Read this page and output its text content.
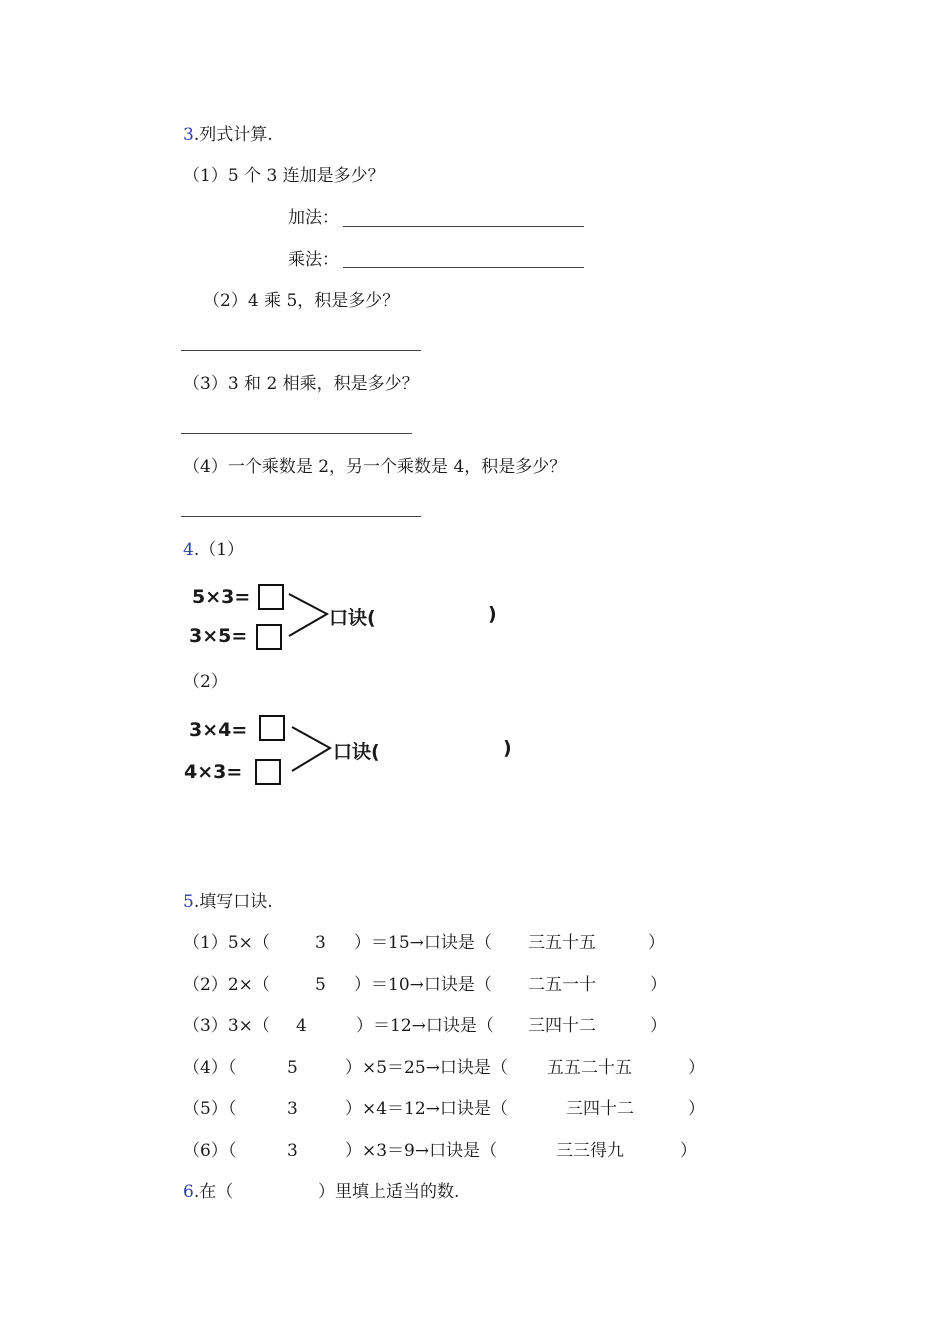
3.列式计算.
（1）5 个 3 连加是多少？
加法：
乘法：
（2）4 乘 5，积是多少？
（3）3 和 2 相乘，积是多少？
（4）一个乘数是 2，另一个乘数是 4，积是多少？
4.（1）
5×3=
3×5=
口诀(	)
（2）
3×4=
4×3=
口诀(	)
5.填写口诀.
（1）5×（	3 ）＝15→口诀是（ 三五十五	）
（2）2×（	5 ）＝10→口诀是（ 二五一十	）
（3）3×（ 4	）＝12→口诀是（ 三四十二	）
（4）（	5	）×5＝25→口诀是（ 五五二十五	）
（5）（	3	）×4＝12→口诀是（	三四十二	）
（6）（	3	）×3＝9→口诀是（	三三得九	）
6.在（	）里填上适当的数.
